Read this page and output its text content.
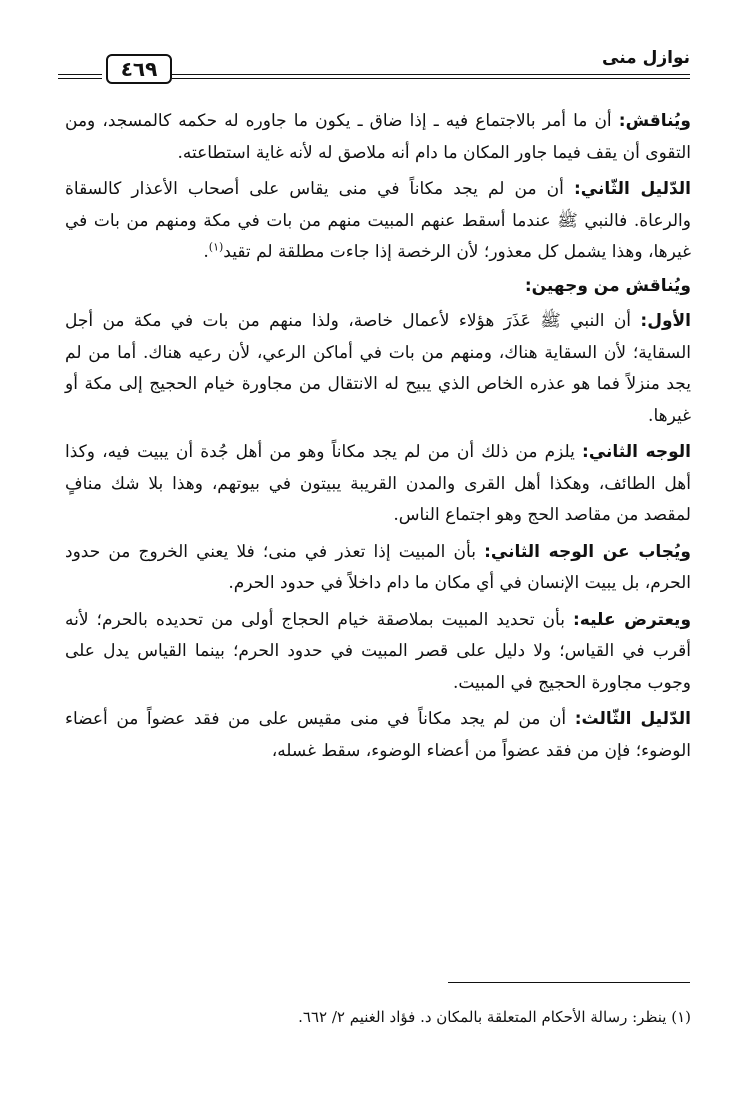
نوازل منى
٤٦٩

ويُناقش: أن ما أمر بالاجتماع فيه ـ إذا ضاق ـ يكون ما جاوره له حكمه كالمسجد، ومن التقوى أن يقف فيما جاور المكان ما دام أنه ملاصق له لأنه غاية استطاعته.

الدّليل الثّاني: أن من لم يجد مكاناً في منى يقاس على أصحاب الأعذار كالسقاة والرعاة. فالنبي ﷺ عندما أسقط عنهم المبيت منهم من بات في مكة ومنهم من بات في غيرها، وهذا يشمل كل معذور؛ لأن الرخصة إذا جاءت مطلقة لم تقيد$^{(١)}$.

ويُناقش من وجهين:

الأول: أن النبي ﷺ عَذَرَ هؤلاء لأعمال خاصة، ولذا منهم من بات في مكة من أجل السقاية؛ لأن السقاية هناك، ومنهم من بات في أماكن الرعي، لأن رعيه هناك. أما من لم يجد منزلاً فما هو عذره الخاص الذي يبيح له الانتقال من مجاورة خيام الحجيج إلى مكة أو غيرها.

الوجه الثاني: يلزم من ذلك أن من لم يجد مكاناً وهو من أهل جُدة أن يبيت فيه، وكذا أهل الطائف، وهكذا أهل القرى والمدن القريبة يبيتون في بيوتهم، وهذا بلا شك منافٍ لمقصد من مقاصد الحج وهو اجتماع الناس.

ويُجاب عن الوجه الثاني: بأن المبيت إذا تعذر في منى؛ فلا يعني الخروج من حدود الحرم، بل يبيت الإنسان في أي مكان ما دام داخلاً في حدود الحرم.

ويعترض عليه: بأن تحديد المبيت بملاصقة خيام الحجاج أولى من تحديده بالحرم؛ لأنه أقرب في القياس؛ ولا دليل على قصر المبيت في حدود الحرم؛ بينما القياس يدل على وجوب مجاورة الحجيج في المبيت.

الدّليل الثّالث: أن من لم يجد مكاناً في منى مقيس على من فقد عضواً من أعضاء الوضوء؛ فإن من فقد عضواً من أعضاء الوضوء، سقط غسله،

(١) ينظر: رسالة الأحكام المتعلقة بالمكان د. فؤاد الغنيم ٢/ ٦٦٢.
